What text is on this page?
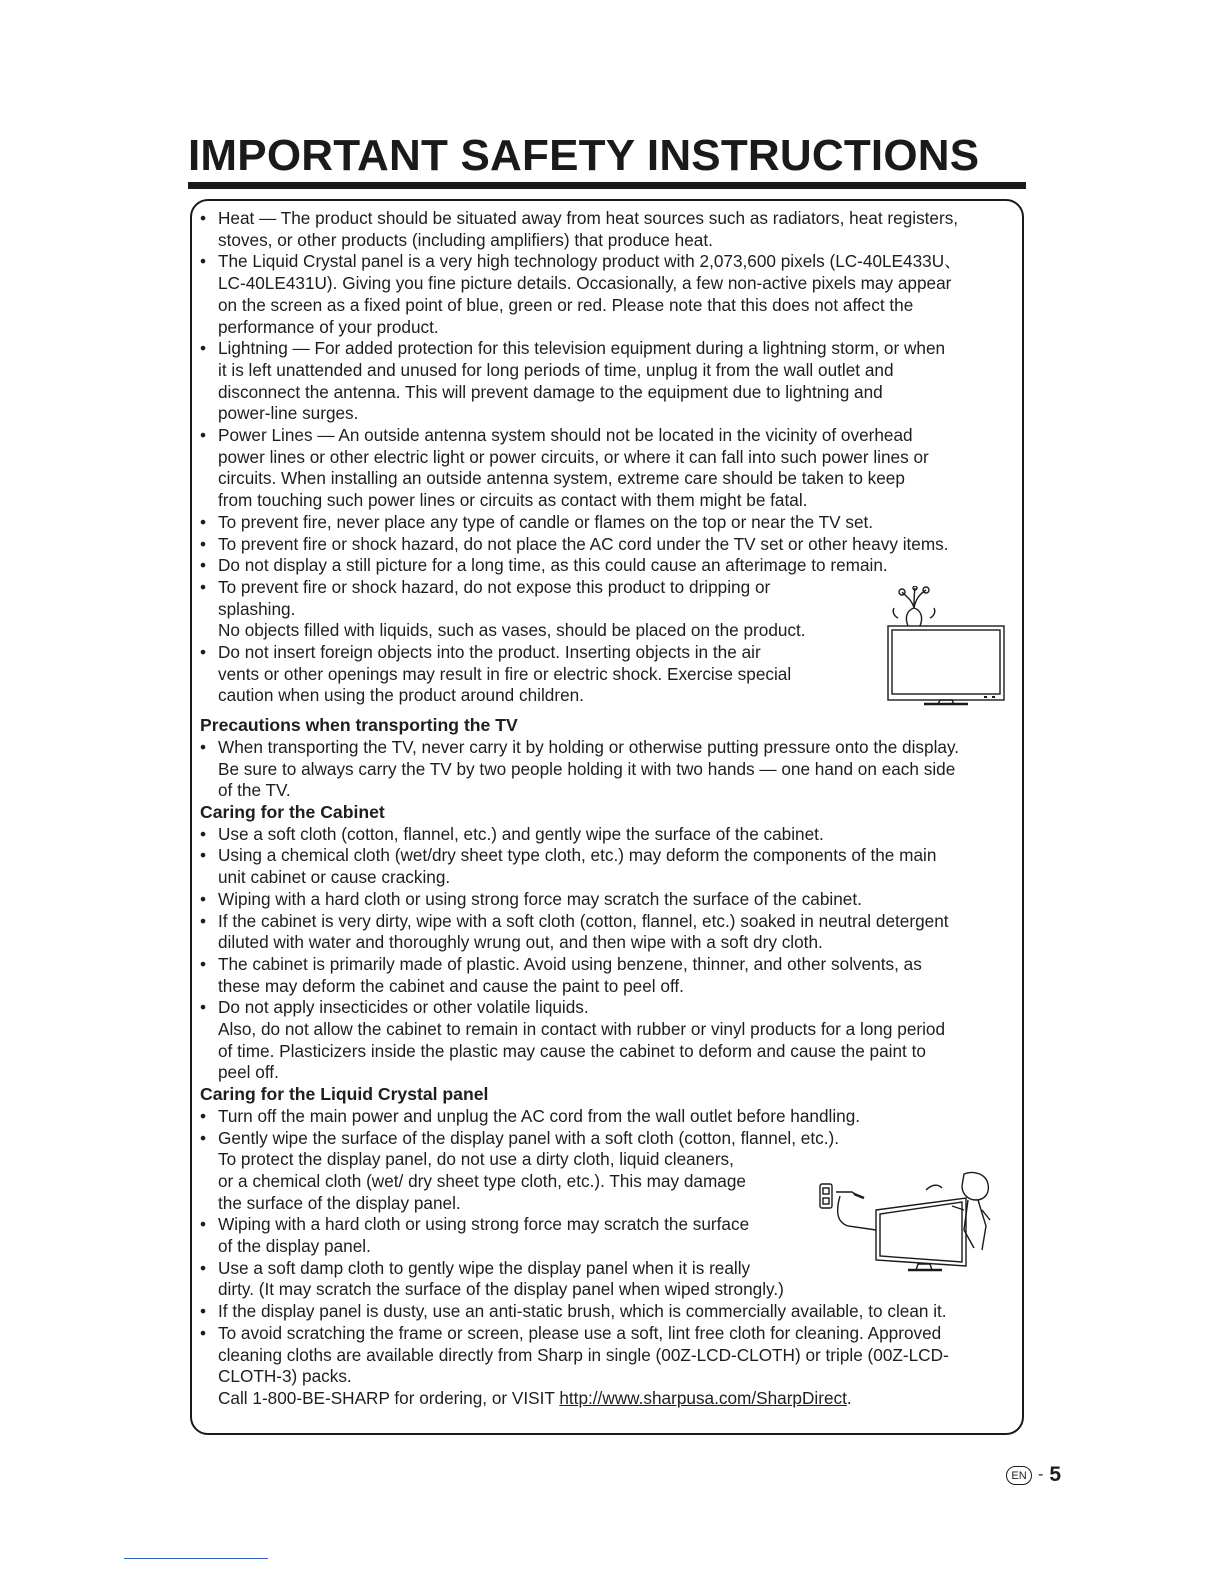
IMPORTANT SAFETY INSTRUCTIONS
• Heat — The product should be situated away from heat sources such as radiators, heat registers,
stoves, or other products (including amplifiers) that produce heat.
• The Liquid Crystal panel is a very high technology product with 2,073,600 pixels (LC-40LE433U、
LC-40LE431U). Giving you fine picture details. Occasionally, a few non-active pixels may appear
on the screen as a fixed point of blue, green or red. Please note that this does not affect the
performance of your product.
• Lightning — For added protection for this television equipment during a lightning storm, or when
it is left unattended and unused for long periods of time, unplug it from the wall outlet and
disconnect the antenna. This will prevent damage to the equipment due to lightning and
power-line surges.
• Power Lines — An outside antenna system should not be located in the vicinity of overhead
power lines or other electric light or power circuits, or where it can fall into such power lines or
circuits. When installing an outside antenna system, extreme care should be taken to keep
from touching such power lines or circuits as contact with them might be fatal.
• To prevent fire, never place any type of candle or flames on the top or near the TV set.
• To prevent fire or shock hazard, do not place the AC cord under the TV set or other heavy items.
• Do not display a still picture for a long time, as this could cause an afterimage to remain.
• To prevent fire or shock hazard, do not expose this product to dripping or
splashing.
No objects filled with liquids, such as vases, should be placed on the product.
• Do not insert foreign objects into the product. Inserting objects in the air
vents or other openings may result in fire or electric shock. Exercise special
caution when using the product around children.
Precautions when transporting the TV
• When transporting the TV, never carry it by holding or otherwise putting pressure onto the display.
Be sure to always carry the TV by two people holding it with two hands — one hand on each side
of the TV.
Caring for the Cabinet
• Use a soft cloth (cotton, flannel, etc.) and gently wipe the surface of the cabinet.
• Using a chemical cloth (wet/dry sheet type cloth, etc.) may deform the components of the main
unit cabinet or cause cracking.
• Wiping with a hard cloth or using strong force may scratch the surface of the cabinet.
• If the cabinet is very dirty, wipe with a soft cloth (cotton, flannel, etc.) soaked in neutral detergent
diluted with water and thoroughly wrung out, and then wipe with a soft dry cloth.
• The cabinet is primarily made of plastic. Avoid using benzene, thinner, and other solvents, as
these may deform the cabinet and cause the paint to peel off.
• Do not apply insecticides or other volatile liquids.
Also, do not allow the cabinet to remain in contact with rubber or vinyl products for a long period
of time. Plasticizers inside the plastic may cause the cabinet to deform and cause the paint to
peel off.
Caring for the Liquid Crystal panel
• Turn off the main power and unplug the AC cord from the wall outlet before handling.
• Gently wipe the surface of the display panel with a soft cloth (cotton, flannel, etc.).
To protect the display panel, do not use a dirty cloth, liquid cleaners,
or a chemical cloth (wet/ dry sheet type cloth, etc.). This may damage
the surface of the display panel.
• Wiping with a hard cloth or using strong force may scratch the surface
of the display panel.
• Use a soft damp cloth to gently wipe the display panel when it is really
dirty. (It may scratch the surface of the display panel when wiped strongly.)
• If the display panel is dusty, use an anti-static brush, which is commercially available, to clean it.
• To avoid scratching the frame or screen, please use a soft, lint free cloth for cleaning. Approved
cleaning cloths are available directly from Sharp in single (00Z-LCD-CLOTH) or triple (00Z-LCD-
CLOTH-3) packs.
Call 1-800-BE-SHARP for ordering, or VISIT http://www.sharpusa.com/SharpDirect.
EN - 5
